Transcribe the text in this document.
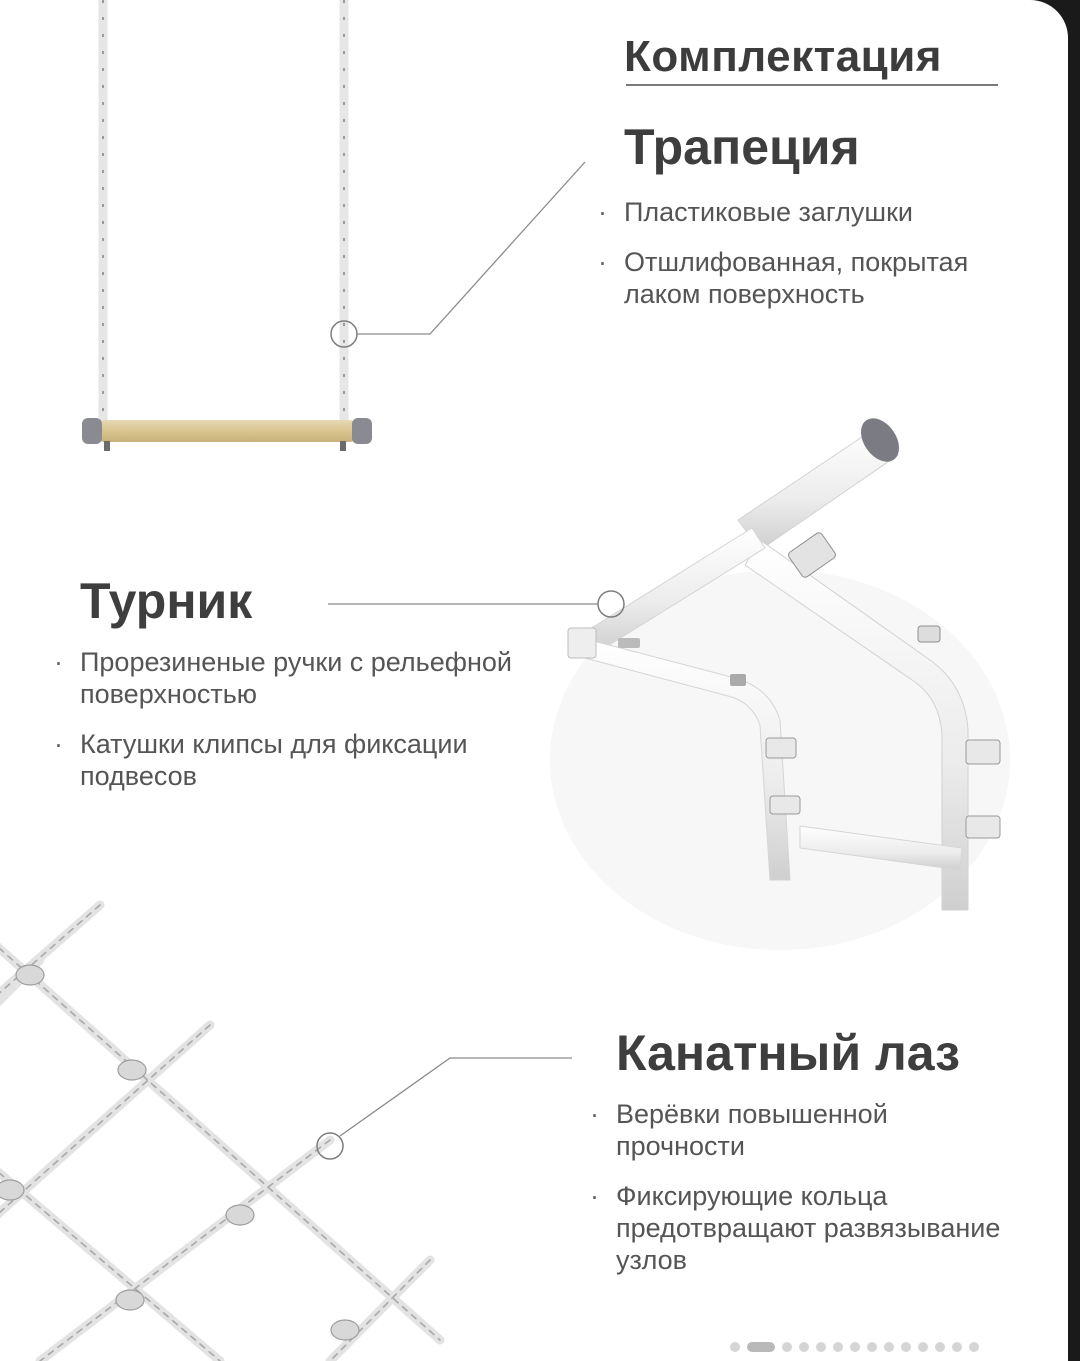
Комплектация
Трапеция
· Пластиковые заглушки
· Отшлифованная, покрытая лаком поверхность
Турник
· Прорезиненые ручки с рельефной поверхностью
· Катушки клипсы для фиксации подвесов
Канатный лаз
· Верёвки повышенной прочности
· Фиксирующие кольца предотвращают развязывание узлов
